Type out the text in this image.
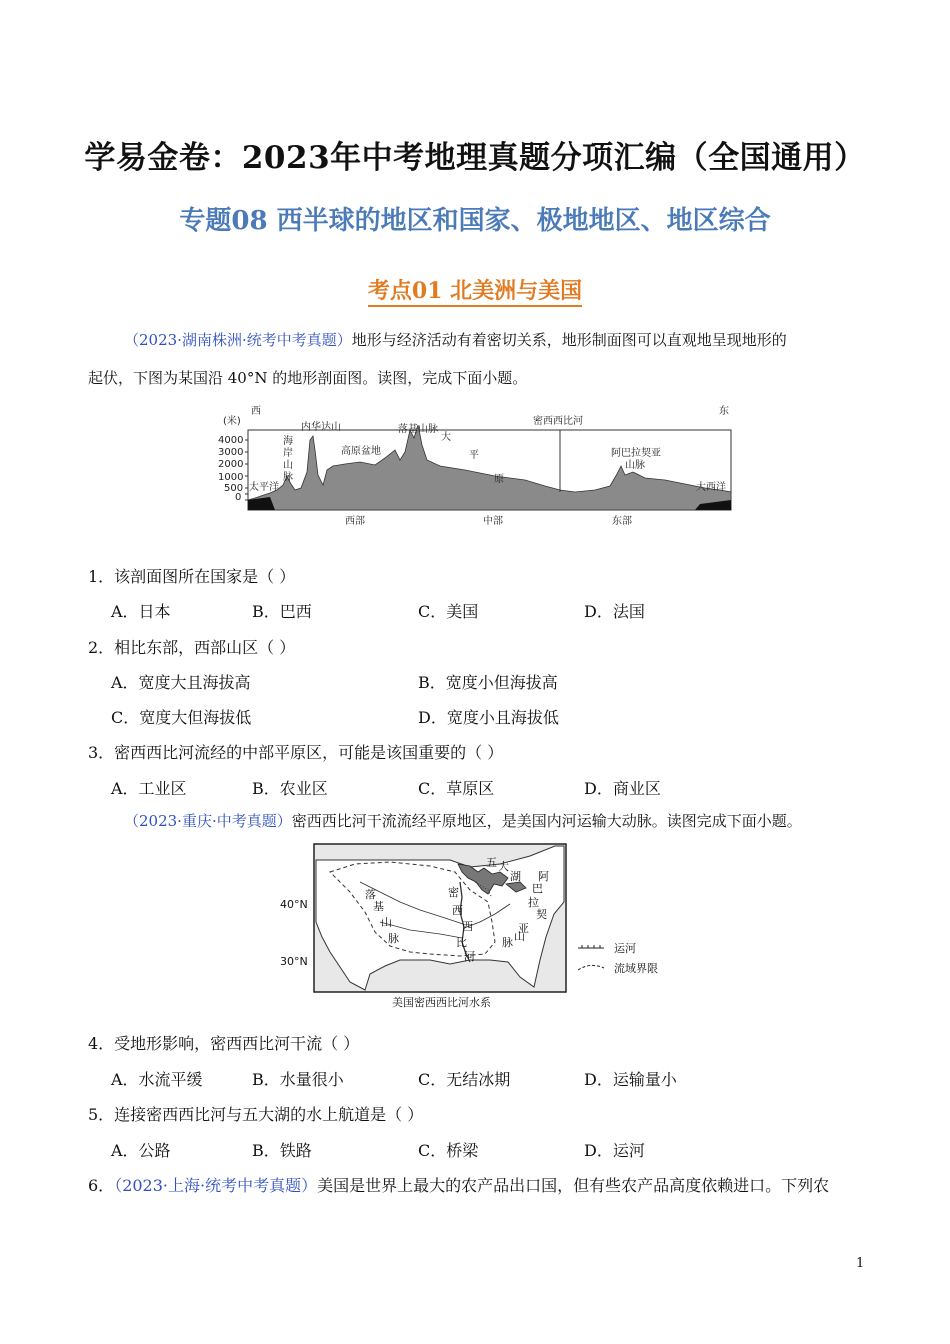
学易金卷：2023年中考地理真题分项汇编（全国通用）
专题08 西半球的地区和国家、极地地区、地区综合
考点01 北美洲与美国
（2023·湖南株洲·统考中考真题）地形与经济活动有着密切关系，地形制面图可以直观地呈现地形的
起伏，下图为某国沿 40°N 的地形剖面图。读图，完成下面小题。
西	东
(米)
4000
3000
2000
1000
500
0
太平洋
海
岸
山
脉
内华达山
高原盆地
落基山脉
大
平
原
密西西比河
阿巴拉契亚
山脉
大西洋
西部	中部	东部
1．该剖面图所在国家是（ ）
A．日本	B．巴西	C．美国	D．法国
2．相比东部，西部山区（ ）
A．宽度大且海拔高	B．宽度小但海拔高
C．宽度大但海拔低	D．宽度小且海拔低
3．密西西比河流经的中部平原区，可能是该国重要的（ ）
A．工业区	B．农业区	C．草原区	D．商业区
（2023·重庆·中考真题）密西西比河干流流经平原地区，是美国内河运输大动脉。读图完成下面小题。
40°N
30°N
五 大
湖
落
基
山
脉
密
西
西
比
河
阿
巴
拉
契
亚
山
脉	运河
流域界限
美国密西西比河水系
4．受地形影响，密西西比河干流（ ）
A．水流平缓	B．水量很小	C．无结冰期	D．运输量小
5．连接密西西比河与五大湖的水上航道是（ ）
A．公路	B．铁路	C．桥梁	D．运河
6．（2023·上海·统考中考真题）美国是世界上最大的农产品出口国，但有些农产品高度依赖进口。下列农
1
